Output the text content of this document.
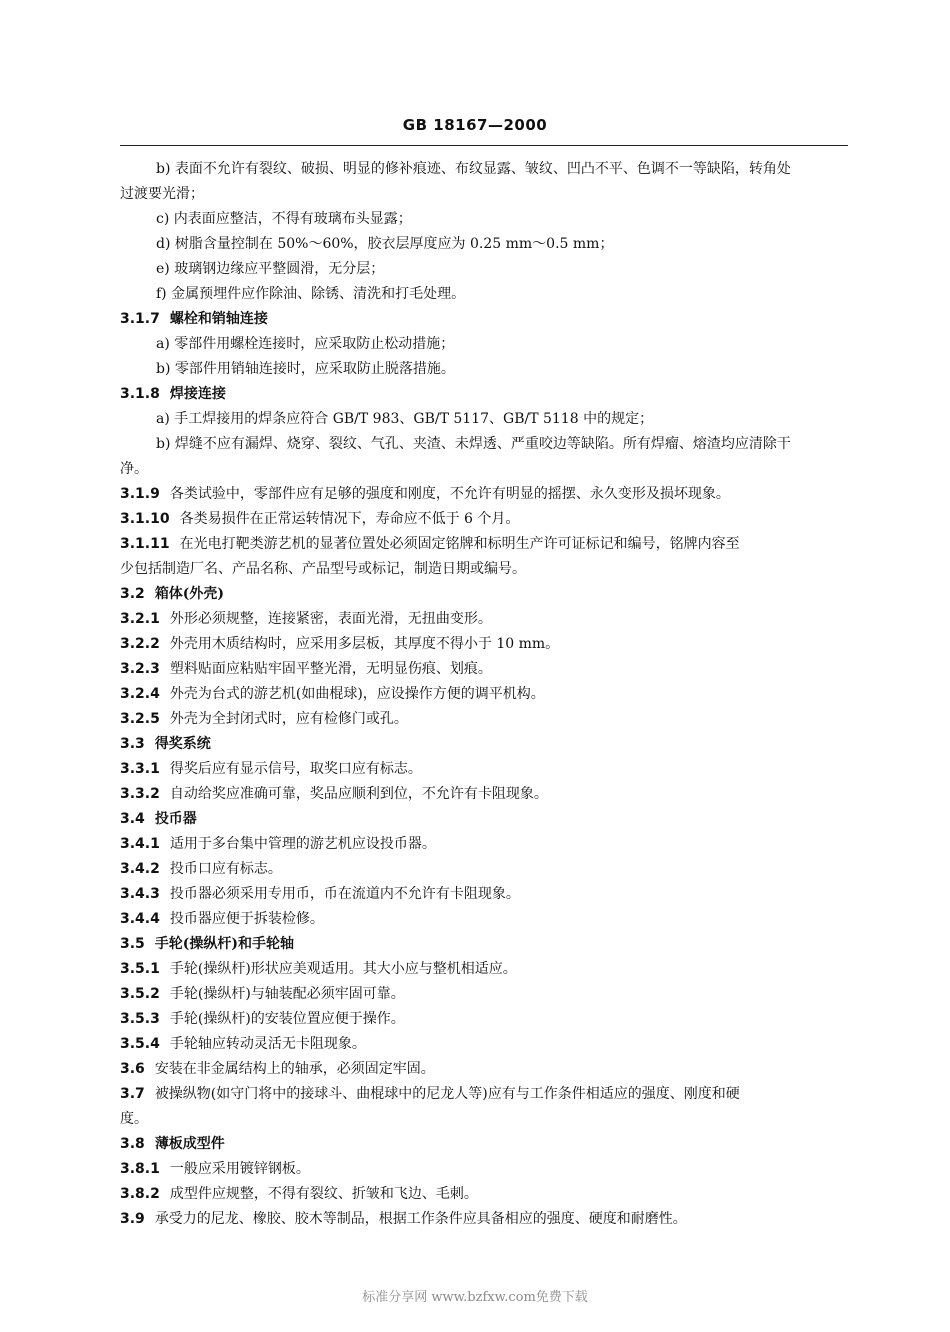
GB 18167—2000
b) 表面不允许有裂纹、破损、明显的修补痕迹、布纹显露、皱纹、凹凸不平、色调不一等缺陷，转角处
过渡要光滑；
c) 内表面应整洁，不得有玻璃布头显露；
d) 树脂含量控制在 50%～60%，胶衣层厚度应为 0.25 mm～0.5 mm；
e) 玻璃钢边缘应平整圆滑，无分层；
f) 金属预埋件应作除油、除锈、清洗和打毛处理。
3.1.7 螺栓和销轴连接
a) 零部件用螺栓连接时，应采取防止松动措施；
b) 零部件用销轴连接时，应采取防止脱落措施。
3.1.8 焊接连接
a) 手工焊接用的焊条应符合 GB/T 983、GB/T 5117、GB/T 5118 中的规定；
b) 焊缝不应有漏焊、烧穿、裂纹、气孔、夹渣、未焊透、严重咬边等缺陷。所有焊瘤、熔渣均应清除干
净。
3.1.9 各类试验中，零部件应有足够的强度和刚度，不允许有明显的摇摆、永久变形及损坏现象。
3.1.10 各类易损件在正常运转情况下，寿命应不低于 6 个月。
3.1.11 在光电打靶类游艺机的显著位置处必须固定铭牌和标明生产许可证标记和编号，铭牌内容至
少包括制造厂名、产品名称、产品型号或标记，制造日期或编号。
3.2 箱体(外壳)
3.2.1 外形必须规整，连接紧密，表面光滑，无扭曲变形。
3.2.2 外壳用木质结构时，应采用多层板，其厚度不得小于 10 mm。
3.2.3 塑料贴面应粘贴牢固平整光滑，无明显伤痕、划痕。
3.2.4 外壳为台式的游艺机(如曲棍球)，应设操作方便的调平机构。
3.2.5 外壳为全封闭式时，应有检修门或孔。
3.3 得奖系统
3.3.1 得奖后应有显示信号，取奖口应有标志。
3.3.2 自动给奖应准确可靠，奖品应顺利到位，不允许有卡阻现象。
3.4 投币器
3.4.1 适用于多台集中管理的游艺机应设投币器。
3.4.2 投币口应有标志。
3.4.3 投币器必须采用专用币，币在流道内不允许有卡阻现象。
3.4.4 投币器应便于拆装检修。
3.5 手轮(操纵杆)和手轮轴
3.5.1 手轮(操纵杆)形状应美观适用。其大小应与整机相适应。
3.5.2 手轮(操纵杆)与轴装配必须牢固可靠。
3.5.3 手轮(操纵杆)的安装位置应便于操作。
3.5.4 手轮轴应转动灵活无卡阻现象。
3.6 安装在非金属结构上的轴承，必须固定牢固。
3.7 被操纵物(如守门将中的接球斗、曲棍球中的尼龙人等)应有与工作条件相适应的强度、刚度和硬
度。
3.8 薄板成型件
3.8.1 一般应采用镀锌钢板。
3.8.2 成型件应规整，不得有裂纹、折皱和飞边、毛刺。
3.9 承受力的尼龙、橡胶、胶木等制品，根据工作条件应具备相应的强度、硬度和耐磨性。
标准分享网 www.bzfxw.com免费下载
